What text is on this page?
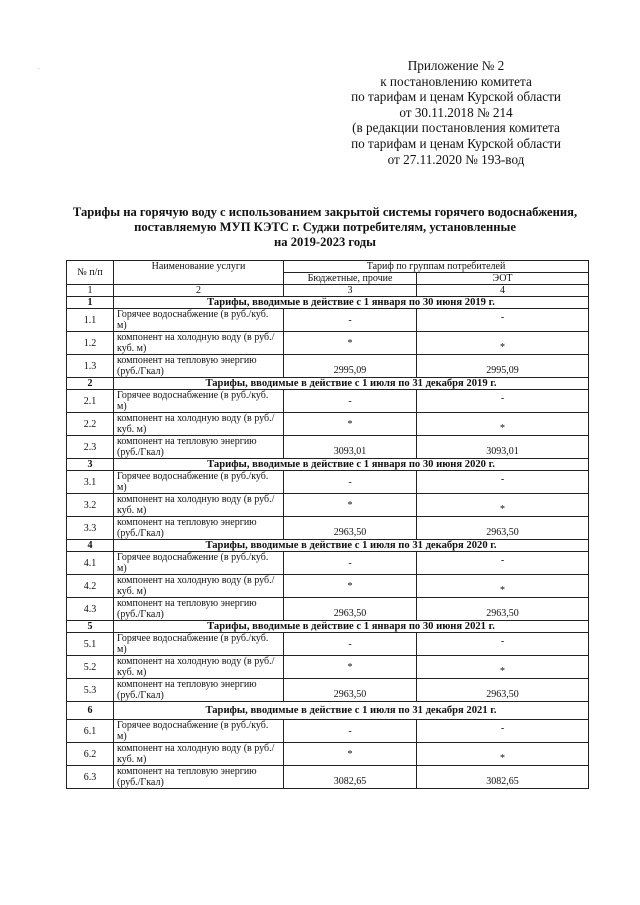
.	Приложение № 2
к постановлению комитета
по тарифам и ценам Курской области
от 30.11.2018 № 214
(в редакции постановления комитета
по тарифам и ценам Курской области
от 27.11.2020 № 193-вод
Тарифы на горячую воду с использованием закрытой системы горячего водоснабжения,
поставляемую МУП КЭТС г. Суджи потребителям, установленные
на 2019-2023 годы
№ п/п	Наименование услуги	Тариф по группам потребителей	
		Бюджетные, прочие	ЭОТ
1	2	3	4
1	Тарифы, вводимые в действие с 1 января по 30 июня 2019 г.		
1.1	Горячее водоснабжение (в руб./куб. м)	-	-

1.2	компонент на холодную воду (в руб./куб. м)	*	*

1.3	компонент на тепловую энергию (руб./Гкал)	2995,09	2995,09

2	Тарифы, вводимые в действие с 1 июля по 31 декабря 2019 г.		
2.1	Горячее водоснабжение (в руб./куб. м)	-	-

2.2	компонент на холодную воду (в руб./куб. м)	*	*

2.3	компонент на тепловую энергию (руб./Гкал)	3093,01	3093,01

3	Тарифы, вводимые в действие с 1 января по 30 июня 2020 г.		
3.1	Горячее водоснабжение (в руб./куб. м)	-	-

3.2	компонент на холодную воду (в руб./куб. м)	*	*

3.3	компонент на тепловую энергию (руб./Гкал)	2963,50	2963,50

4	Тарифы, вводимые в действие с 1 июля по 31 декабря 2020 г.		
4.1	Горячее водоснабжение (в руб./куб. м)	-	-

4.2	компонент на холодную воду (в руб./куб. м)	*	*

4.3	компонент на тепловую энергию (руб./Гкал)	2963,50	2963,50

5	Тарифы, вводимые в действие с 1 января по 30 июня 2021 г.		
5.1	Горячее водоснабжение (в руб./куб. м)	-	-

5.2	компонент на холодную воду (в руб./куб. м)	*	*

5.3	компонент на тепловую энергию (руб./Гкал)	2963,50	2963,50

6	Тарифы, вводимые в действие с 1 июля по 31 декабря 2021 г.		
6.1	Горячее водоснабжение (в руб./куб. м)	-	-

6.2	компонент на холодную воду (в руб./куб. м)	*	*

6.3	компонент на тепловую энергию (руб./Гкал)	3082,65	3082,65
